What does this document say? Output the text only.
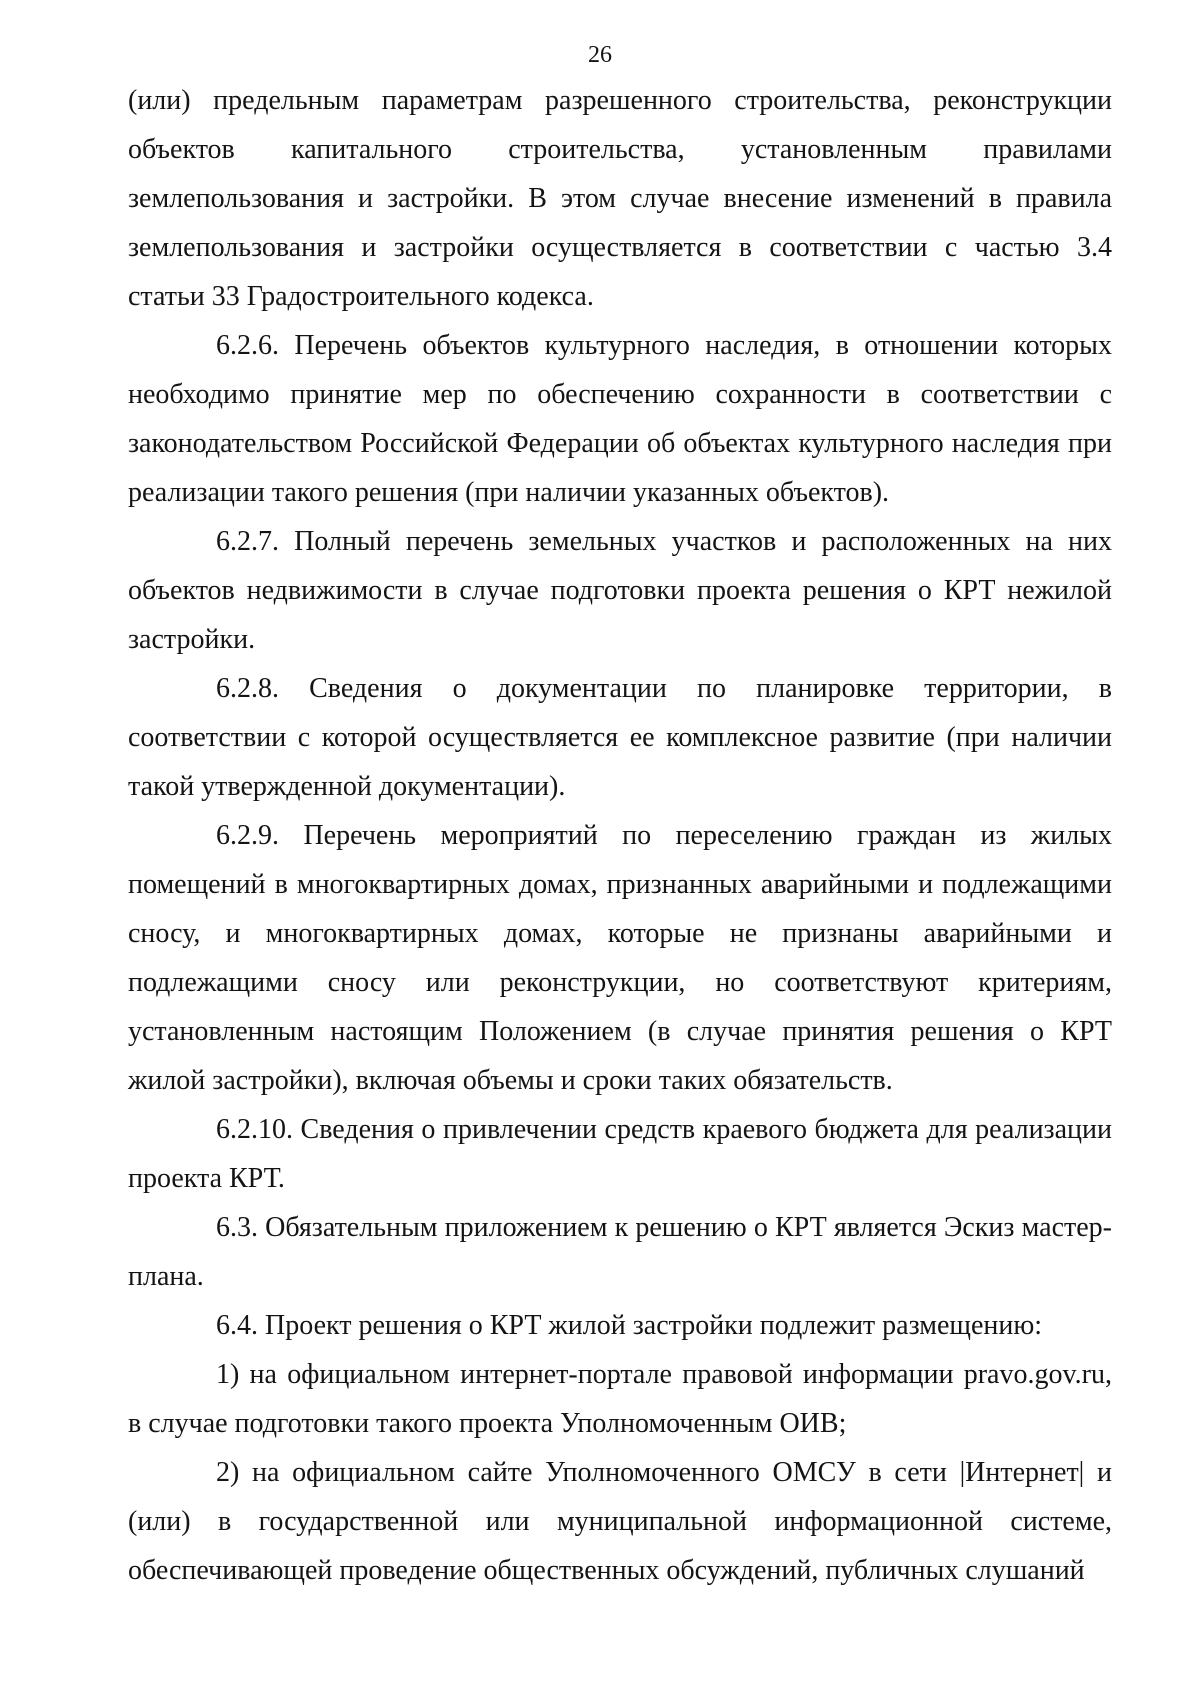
26

(или) предельным параметрам разрешенного строительства, реконструкции объектов капитального строительства, установленным правилами землепользования и застройки. В этом случае внесение изменений в правила землепользования и застройки осуществляется в соответствии с частью 3.4 статьи 33 Градостроительного кодекса.

6.2.6. Перечень объектов культурного наследия, в отношении которых необходимо принятие мер по обеспечению сохранности в соответствии с законодательством Российской Федерации об объектах культурного наследия при реализации такого решения (при наличии указанных объектов).

6.2.7. Полный перечень земельных участков и расположенных на них объектов недвижимости в случае подготовки проекта решения о КРТ нежилой застройки.

6.2.8. Сведения о документации по планировке территории, в соответствии с которой осуществляется ее комплексное развитие (при наличии такой утвержденной документации).

6.2.9. Перечень мероприятий по переселению граждан из жилых помещений в многоквартирных домах, признанных аварийными и подлежащими сносу, и многоквартирных домах, которые не признаны аварийными и подлежащими сносу или реконструкции, но соответствуют критериям, установленным настоящим Положением (в случае принятия решения о КРТ жилой застройки), включая объемы и сроки таких обязательств.

6.2.10. Сведения о привлечении средств краевого бюджета для реализации проекта КРТ.

6.3. Обязательным приложением к решению о КРТ является Эскиз мастер-плана.

6.4. Проект решения о КРТ жилой застройки подлежит размещению:

1) на официальном интернет-портале правовой информации pravo.gov.ru, в случае подготовки такого проекта Уполномоченным ОИВ;

2) на официальном сайте Уполномоченного ОМСУ в сети |Интернет| и (или) в государственной или муниципальной информационной системе, обеспечивающей проведение общественных обсуждений, публичных слушаний
